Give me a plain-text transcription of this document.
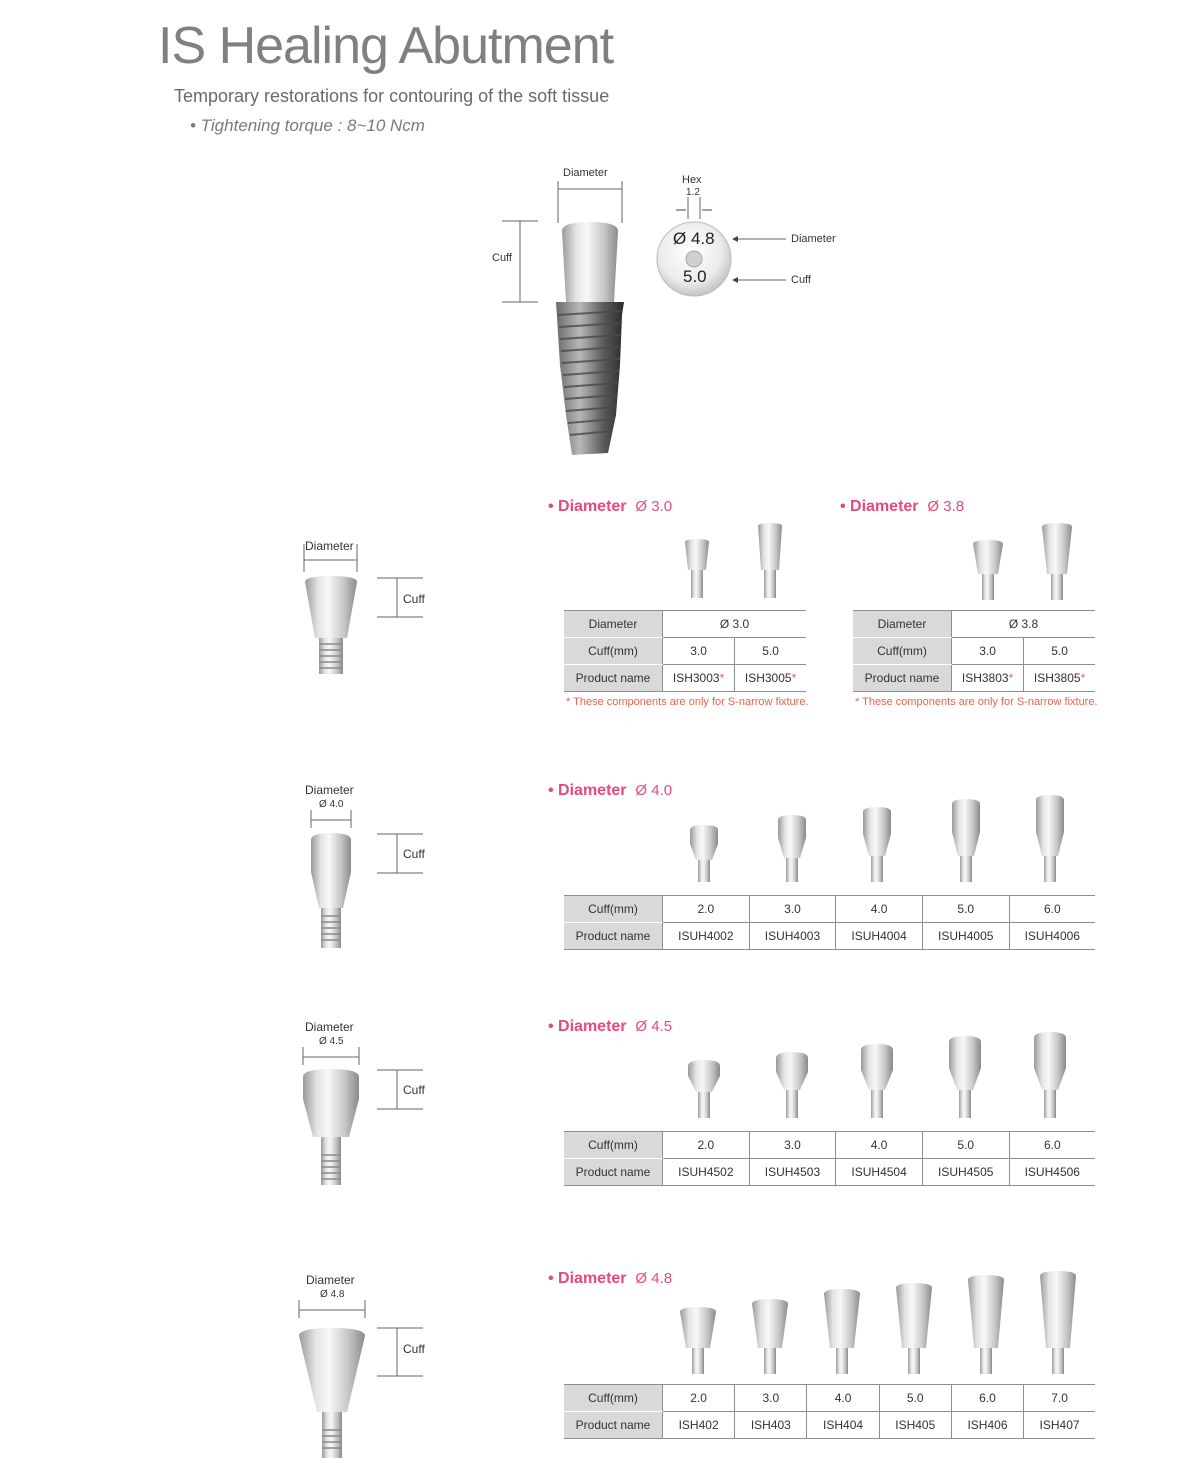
IS Healing Abutment
Temporary restorations for contouring of the soft tissue
• Tightening torque : 8~10 Ncm
Diameter
Cuff
Hex
1.2
Diameter
Cuff
Ø 4.8
5.0
Diameter
Cuff
• Diameter Ø 3.0
Diameter	Ø 3.0	
Cuff(mm)	3.0	5.0
Product name	ISH3003*	ISH3005*
* These components are only for S-narrow fixture.
• Diameter Ø 3.8
Diameter	Ø 3.8	
Cuff(mm)	3.0	5.0
Product name	ISH3803*	ISH3805*
* These components are only for S-narrow fixture.
Diameter
Ø 4.0
Cuff
• Diameter Ø 4.0
Cuff(mm)	2.0	3.0	4.0	5.0	6.0
Product name	ISUH4002	ISUH4003	ISUH4004	ISUH4005	ISUH4006
Diameter
Ø 4.5
Cuff
• Diameter Ø 4.5
Cuff(mm)	2.0	3.0	4.0	5.0	6.0
Product name	ISUH4502	ISUH4503	ISUH4504	ISUH4505	ISUH4506
Diameter
Ø 4.8
Cuff
• Diameter Ø 4.8
Cuff(mm)	2.0	3.0	4.0	5.0	6.0	7.0
Product name	ISH402	ISH403	ISH404	ISH405	ISH406	ISH407
